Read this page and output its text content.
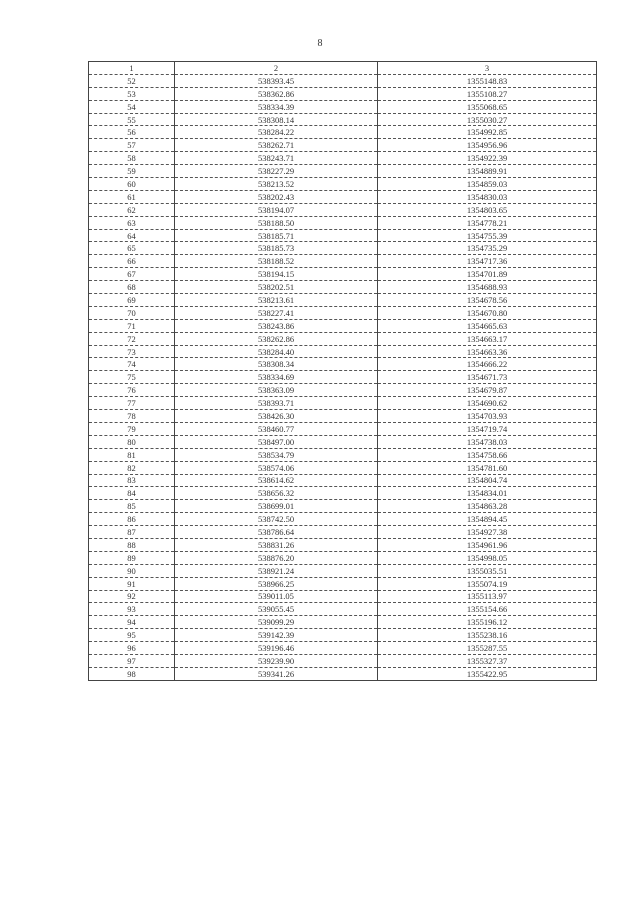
8
1	2	3
52	538393.45	1355148.83
53	538362.86	1355108.27
54	538334.39	1355068.65
55	538308.14	1355030.27
56	538284.22	1354992.85
57	538262.71	1354956.96
58	538243.71	1354922.39
59	538227.29	1354889.91
60	538213.52	1354859.03
61	538202.43	1354830.03
62	538194.07	1354803.65
63	538188.50	1354778.21
64	538185.71	1354755.39
65	538185.73	1354735.29
66	538188.52	1354717.36
67	538194.15	1354701.89
68	538202.51	1354688.93
69	538213.61	1354678.56
70	538227.41	1354670.80
71	538243.86	1354665.63
72	538262.86	1354663.17
73	538284.40	1354663.36
74	538308.34	1354666.22
75	538334.69	1354671.73
76	538363.09	1354679.87
77	538393.71	1354690.62
78	538426.30	1354703.93
79	538460.77	1354719.74
80	538497.00	1354738.03
81	538534.79	1354758.66
82	538574.06	1354781.60
83	538614.62	1354804.74
84	538656.32	1354834.01
85	538699.01	1354863.28
86	538742.50	1354894.45
87	538786.64	1354927.38
88	538831.26	1354961.96
89	538876.20	1354998.05
90	538921.24	1355035.51
91	538966.25	1355074.19
92	539011.05	1355113.97
93	539055.45	1355154.66
94	539099.29	1355196.12
95	539142.39	1355238.16
96	539196.46	1355287.55
97	539239.90	1355327.37
98	539341.26	1355422.95
